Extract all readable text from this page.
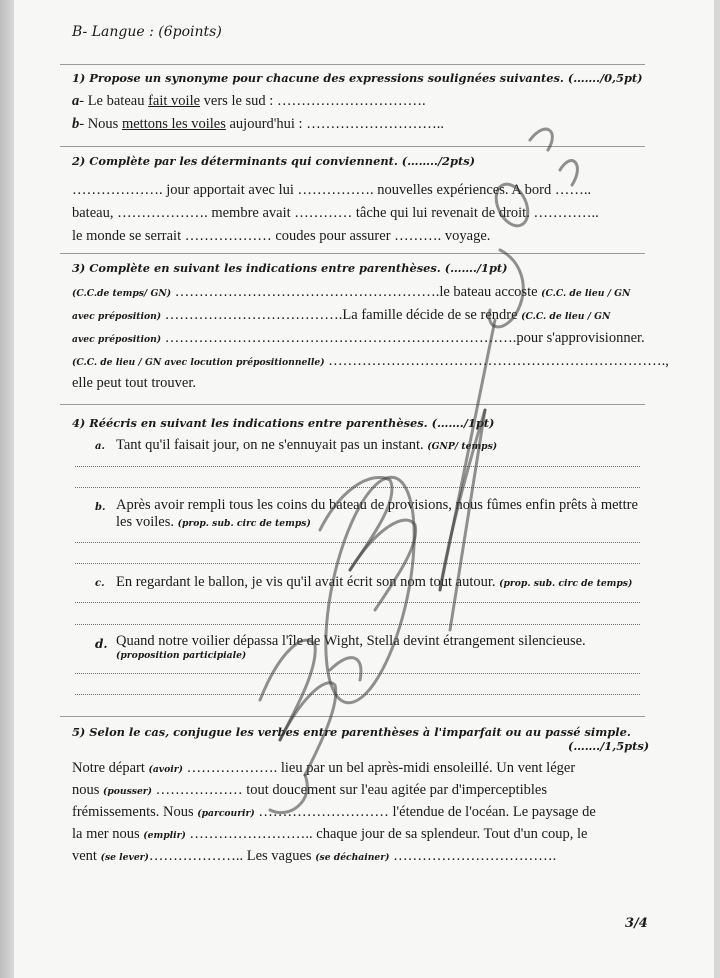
B- Langue : (6points)
1) Propose un synonyme pour chacune des expressions soulignées suivantes. (……./0,5pt)
a- Le bateau fait voile vers le sud : ………………………….
b- Nous mettons les voiles aujourd'hui : ………………………..
2) Complète par les déterminants qui conviennent. (……../2pts)
………………. jour apportait avec lui ……………. nouvelles expériences. A bord ……..
bateau, ………………. membre avait ………… tâche qui lui revenait de droit. …………..
le monde se serrait ……………… coudes pour assurer ………. voyage.
3) Complète en suivant les indications entre parenthèses. (……./1pt)
(C.C.de temps/ GN) ……………………………………………….le bateau accoste (C.C. de lieu / GN
avec préposition) ……………………………….La famille décide de se rendre (C.C. de lieu / GN
avec préposition) ……………………………………………………………….pour s'approvisionner.
(C.C. de lieu / GN avec locution prépositionnelle) …………………………………………………………….,
elle peut tout trouver.
4) Réécris en suivant les indications entre parenthèses. (……./1pt)
a. Tant qu'il faisait jour, on ne s'ennuyait pas un instant. (GNP/ temps)
b. Après avoir rempli tous les coins du bateau de provisions, nous fûmes enfin prêts à mettre
les voiles. (prop. sub. circ de temps)
c. En regardant le ballon, je vis qu'il avait écrit son nom tout autour. (prop. sub. circ de temps)
d. Quand notre voilier dépassa l'île de Wight, Stella devint étrangement silencieuse.
(proposition participiale)
5) Selon le cas, conjugue les verbes entre parenthèses à l'imparfait ou au passé simple.
(……./1,5pts)
Notre départ (avoir) ………………. lieu par un bel après-midi ensoleillé. Un vent léger
nous (pousser) ……………… tout doucement sur l'eau agitée par d'imperceptibles
frémissements. Nous (parcourir) ……………………… l'étendue de l'océan. Le paysage de
la mer nous (emplir) …………………….. chaque jour de sa splendeur. Tout d'un coup, le
vent (se lever)……………….. Les vagues (se déchainer) …………………………….
3/4
